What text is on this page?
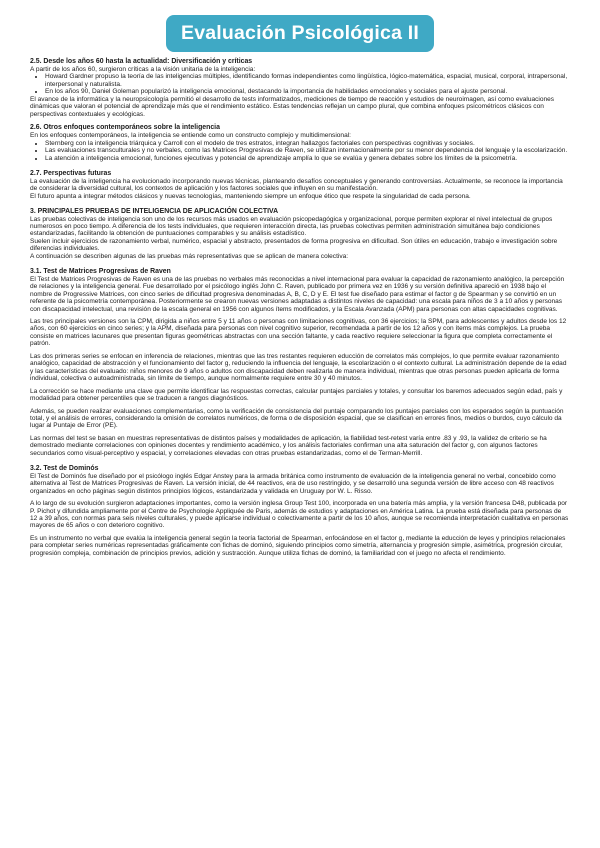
Evaluación Psicológica II
2.5. Desde los años 60 hasta la actualidad: Diversificación y críticas

A partir de los años 60, surgieron críticas a la visión unitaria de la inteligencia:

• Howard Gardner propuso la teoría de las inteligencias múltiples, identificando formas independientes como lingüística, lógico-matemática, espacial, musical, corporal, intrapersonal, interpersonal y naturalista.
• En los años 90, Daniel Goleman popularizó la inteligencia emocional, destacando la importancia de habilidades emocionales y sociales para el ajuste personal.

El avance de la informática y la neuropsicología permitió el desarrollo de tests informatizados, mediciones de tiempo de reacción y estudios de neuroimagen, así como evaluaciones dinámicas que valoran el potencial de aprendizaje más que el rendimiento estático. Estas tendencias reflejan un campo plural, que combina enfoques psicométricos clásicos con perspectivas contextuales y ecológicas.

2.6. Otros enfoques contemporáneos sobre la inteligencia

En los enfoques contemporáneos, la inteligencia se entiende como un constructo complejo y multidimensional:

• Sternberg con la inteligencia triárquica y Carroll con el modelo de tres estratos, integran hallazgos factoriales con perspectivas cognitivas y sociales.
• Las evaluaciones transculturales y no verbales, como las Matrices Progresivas de Raven, se utilizan internacionalmente por su menor dependencia del lenguaje y la escolarización.
• La atención a inteligencia emocional, funciones ejecutivas y potencial de aprendizaje amplía lo que se evalúa y genera debates sobre los límites de la psicometría.
2.7. Perspectivas futuras

La evaluación de la inteligencia ha evolucionado incorporando nuevas técnicas, planteando desafíos conceptuales y generando controversias. Actualmente, se reconoce la importancia de considerar la diversidad cultural, los contextos de aplicación y los factores sociales que influyen en su manifestación.

El futuro apunta a integrar métodos clásicos y nuevas tecnologías, manteniendo siempre un enfoque ético que respete la singularidad de cada persona.

3. PRINCIPALES PRUEBAS DE INTELIGENCIA DE APLICACIÓN COLECTIVA

Las pruebas colectivas de inteligencia son uno de los recursos más usados en evaluación psicopedagógica y organizacional, porque permiten explorar el nivel intelectual de grupos numerosos en poco tiempo. A diferencia de los tests individuales, que requieren interacción directa, las pruebas colectivas permiten administración simultánea bajo condiciones estandarizadas, facilitando la obtención de puntuaciones comparables y su análisis estadístico.

Suelen incluir ejercicios de razonamiento verbal, numérico, espacial y abstracto, presentados de forma progresiva en dificultad. Son útiles en educación, trabajo e investigación sobre diferencias individuales.

A continuación se describen algunas de las pruebas más representativas que se aplican de manera colectiva:

3.1. Test de Matrices Progresivas de Raven

El Test de Matrices Progresivas de Raven es una de las pruebas no verbales más reconocidas a nivel internacional para evaluar la capacidad de razonamiento analógico, la percepción de relaciones y la inteligencia general. Fue desarrollado por el psicólogo inglés John C. Raven, publicado por primera vez en 1936 y su versión definitiva apareció en 1938 bajo el nombre de Progressive Matrices, con cinco series de dificultad progresiva denominadas A, B, C, D y E. El test fue diseñado para estimar el factor g de Spearman y se convirtió en un referente de la psicometría contemporánea. Posteriormente se crearon nuevas versiones adaptadas a distintos niveles de capacidad: una escala para niños de 3 a 10 años y personas con discapacidad intelectual, una revisión de la escala general en 1956 con algunos ítems modificados, y la Escala Avanzada (APM) para personas con altas capacidades cognitivas.

Las tres principales versiones son la CPM, dirigida a niños entre 5 y 11 años o personas con limitaciones cognitivas, con 36 ejercicios; la SPM, para adolescentes y adultos desde los 12 años, con 60 ejercicios en cinco series; y la APM, diseñada para personas con nivel cognitivo superior, recomendada a partir de los 12 años y con ítems más complejos. La prueba consiste en matrices lacunares que presentan figuras geométricas abstractas con una sección faltante, y cada reactivo requiere seleccionar la figura que completa correctamente el patrón.

Las dos primeras series se enfocan en inferencia de relaciones, mientras que las tres restantes requieren educción de correlatos más complejos, lo que permite evaluar razonamiento analógico, capacidad de abstracción y el funcionamiento del factor g, reduciendo la influencia del lenguaje, la escolarización o el contexto cultural. La administración depende de la edad y las características del evaluado: niños menores de 9 años o adultos con discapacidad deben realizarla de manera individual, mientras que otras personas pueden aplicarla de forma individual, colectiva o autoadministrada, sin límite de tiempo, aunque normalmente requiere entre 30 y 40 minutos.

La corrección se hace mediante una clave que permite identificar las respuestas correctas, calcular puntajes parciales y totales, y consultar los baremos adecuados según edad, país y modalidad para obtener percentiles que se traducen a rangos diagnósticos.

Además, se pueden realizar evaluaciones complementarias, como la verificación de consistencia del puntaje comparando los puntajes parciales con los esperados según la puntuación total, y el análisis de errores, considerando la omisión de correlatos numéricos, de forma o de disposición espacial, que se clasifican en errores finos, medios o burdos, cuyo cálculo da lugar al Puntaje de Error (PE).

Las normas del test se basan en muestras representativas de distintos países y modalidades de aplicación, la fiabilidad test-retest varía entre .83 y .93, la validez de criterio se ha demostrado mediante correlaciones con opiniones docentes y rendimiento académico, y los análisis factoriales confirman una alta saturación del factor g, con algunos factores secundarios como visual-perceptivo y espacial, y correlaciones elevadas con otras pruebas estandarizadas, como el de Terman-Merrill.

3.2. Test de Dominós

El Test de Dominós fue diseñado por el psicólogo inglés Edgar Anstey para la armada británica como instrumento de evaluación de la inteligencia general no verbal, concebido como alternativa al Test de Matrices Progresivas de Raven. La versión inicial, de 44 reactivos, era de uso restringido, y se desarrolló una segunda versión de libre acceso con 48 reactivos organizados en ocho páginas según distintos principios lógicos, estandarizada y validada en Uruguay por W. L. Risso.

A lo largo de su evolución surgieron adaptaciones importantes, como la versión inglesa Group Test 100, incorporada en una batería más amplia, y la versión francesa D48, publicada por P. Pichot y difundida ampliamente por el Centre de Psychologie Appliquée de Paris, además de estudios y adaptaciones en América Latina. La prueba está diseñada para personas de 12 a 39 años, con normas para seis niveles culturales, y puede aplicarse individual o colectivamente a partir de los 10 años, aunque se recomienda interpretación cualitativa en personas mayores de 65 años o con deterioro cognitivo.

Es un instrumento no verbal que evalúa la inteligencia general según la teoría factorial de Spearman, enfocándose en el factor g, mediante la educción de leyes y principios relacionales para completar series numéricas representadas gráficamente con fichas de dominó, siguiendo principios como simetría, alternancia y progresión simple, asimétrica, progresión circular, progresión compleja, combinación de principios previos, adición y sustracción. Aunque utiliza fichas de dominó, la familiaridad con el juego no afecta el rendimiento.
